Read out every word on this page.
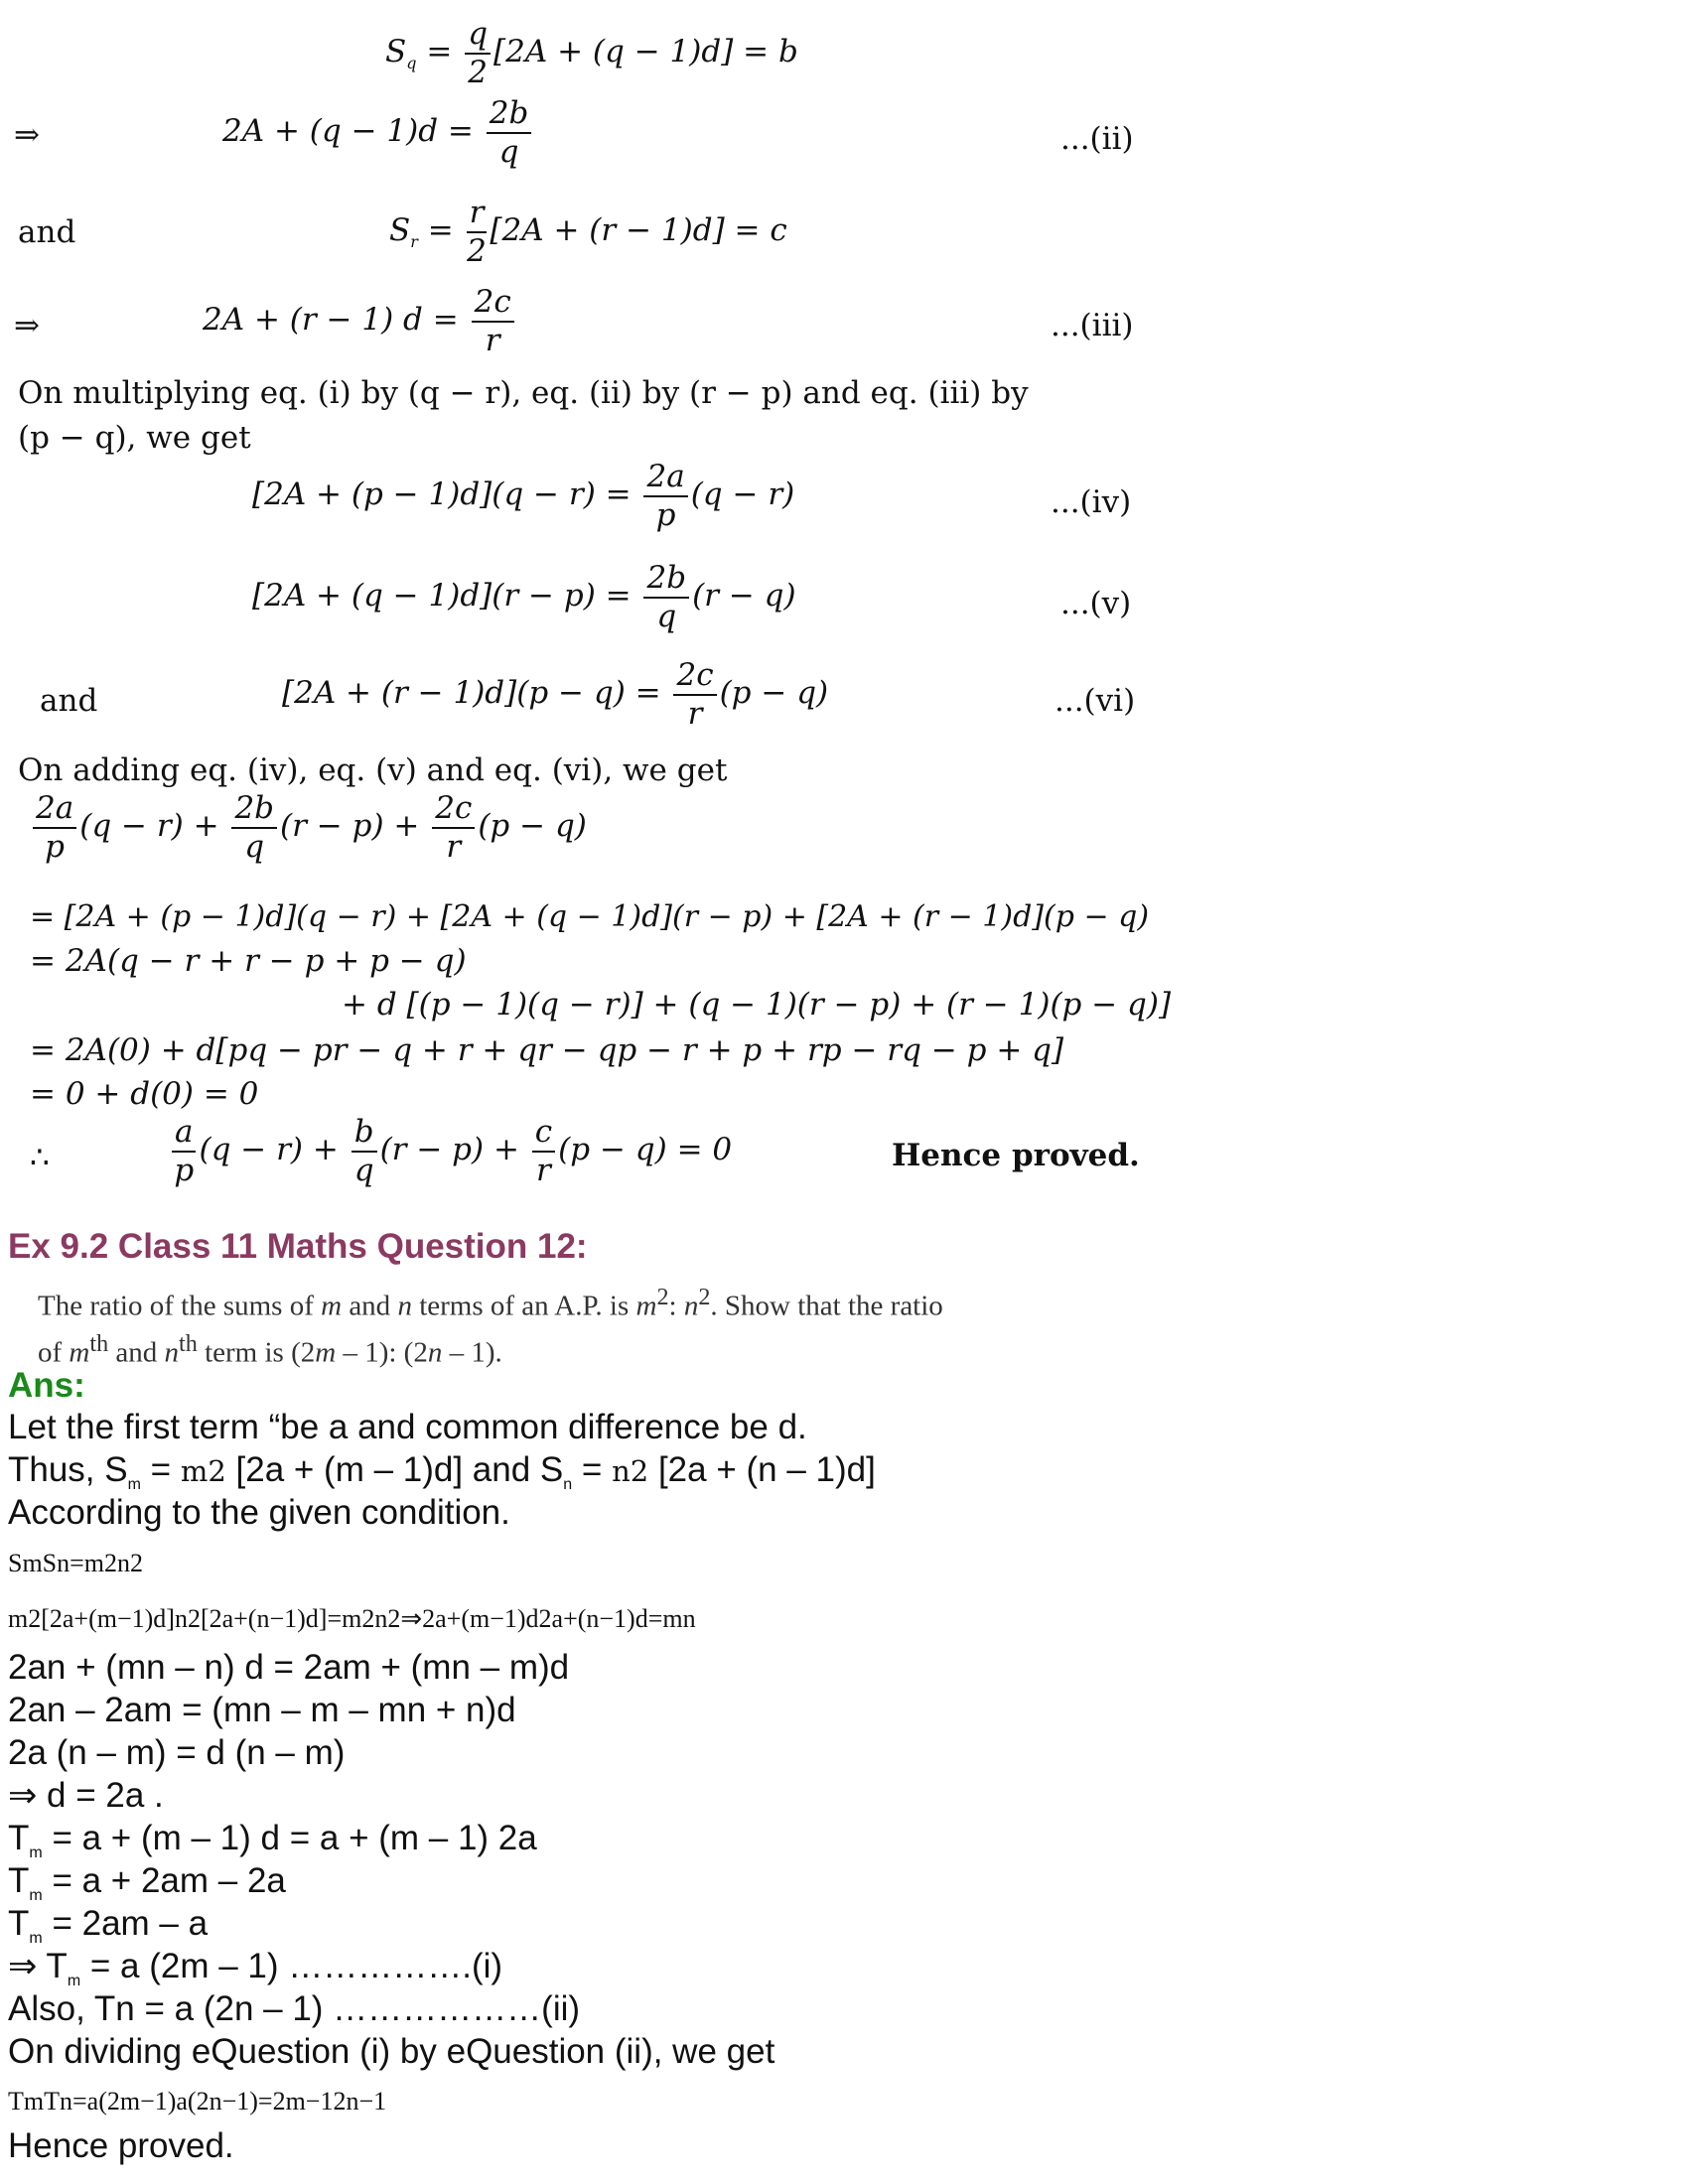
$S_q = \frac{q}{2} [2A + (q - 1)d] = b$
⇒	$2A + (q - 1)d = \frac{2b}{q}$	...(ii)
and	$S_r = \frac{r}{2} [2A + (r - 1)d] = c$
⇒	2A + (r − 1) $d = \frac{2c}{r}$	...(iii)
On multiplying eq. (i) by (q − r), eq. (ii) by (r − p) and eq. (iii) by
(p − q), we get
$[2A + (p - 1)d](q - r) = \frac{2a}{p} (q - r)$	...(iv)
$[2A + (q - 1)d](r - p) = \frac{2b}{q} (r - q)$	...(v)
and	$[2A + (r - 1)d](p - q) = \frac{2c}{r} (p - q)$	...(vi)
On adding eq. (iv), eq. (v) and eq. (vi), we get
$\frac{2a}{p} (q - r) + \frac{2b}{q} (r - p) + \frac{2c}{r} (p - q)$
= [2A + (p − 1)d](q − r) + [2A + (q − 1)d](r − p) + [2A + (r − 1)d](p − q)
= 2A(q − r + r − p + p − q)
+ d [(p − 1)(q − r)] + (q − 1)(r − p) + (r − 1)(p − q)]
= 2A(0) + d[pq − pr − q + r + qr − qp − r + p + rp − rq − p + q]
= 0 + d(0) = 0
∴	$\frac{a}{p} (q - r) + \frac{b}{q} (r - p) + \frac{c}{r} (p - q) = 0$	Hence proved.
Ex 9.2 Class 11 Maths Question 12:
The ratio of the sums of m and n terms of an A.P. is $m^2$: $n^2$. Show that the ratio
of $m^{th}$ and $n^{th}$ term is (2m – 1): (2n – 1).
Ans:
Let the first term “be a and common difference be d.
Thus, $S_m = m2$ [2a + (m – 1)d] and $S_n = n2$ [2a + (n – 1)d]
According to the given condition.
SmSn=m2n2
m2[2a+(m−1)d]n2[2a+(n−1)d]=m2n2⇒2a+(m−1)d2a+(n−1)d=mn
2an + (mn – n) d = 2am + (mn – m)d
2an – 2am = (mn – m – mn + n)d
2a (n – m) = d (n – m)
⇒ d = 2a .
$T_m = a + (m - 1) d = a + (m - 1)$ 2a
$T_m = a + 2am - 2a$
$T_m = 2am - a$
⇒ $T_m = a$ (2m – 1) …………….(i)
Also, Tn = a (2n – 1) ………………(ii)
On dividing eQuestion (i) by eQuestion (ii), we get
TmTn=a(2m−1)a(2n−1)=2m−12n−1
Hence proved.
